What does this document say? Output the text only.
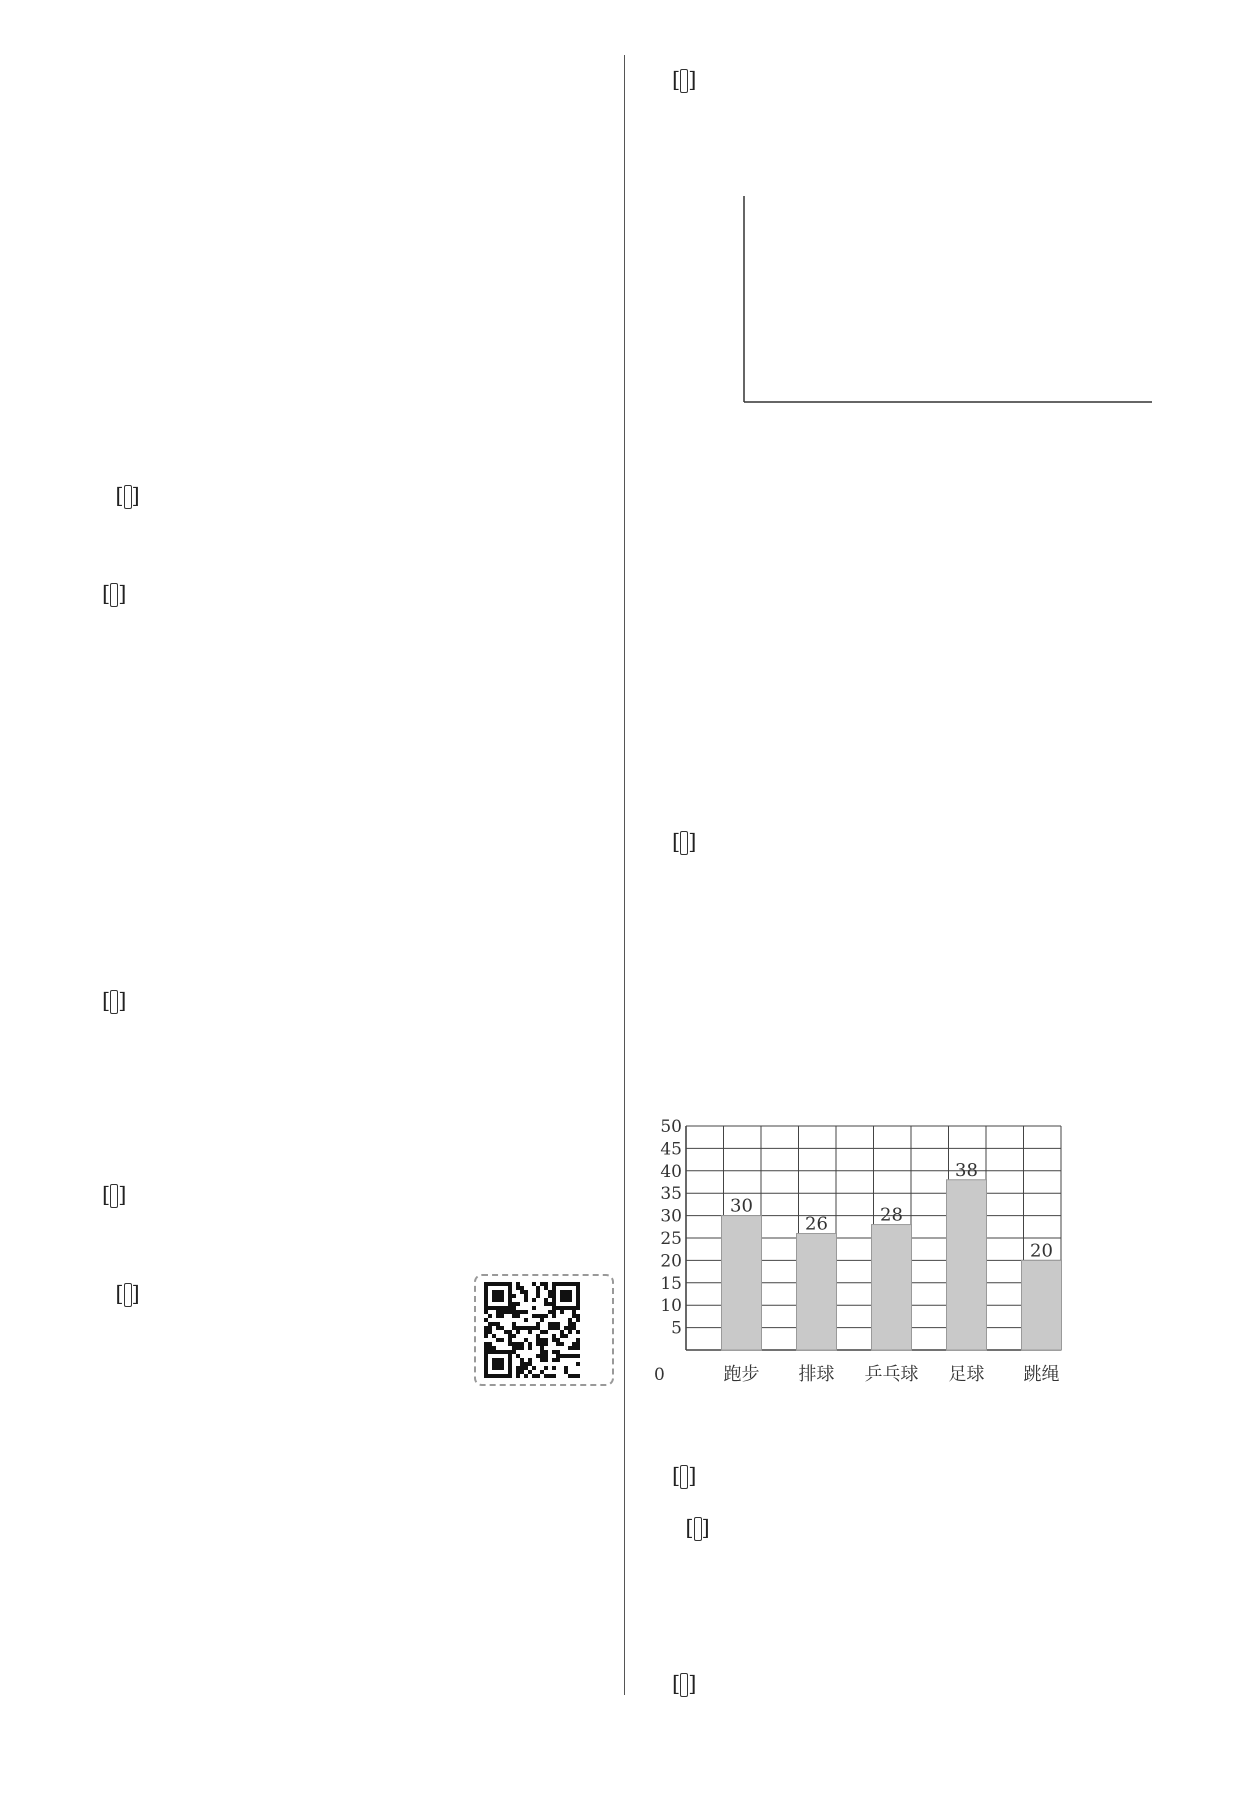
[ ]
[ ]
[ ]
[ ]
[ ]
[ ]
[ ]
0
5
10
15
20
25
30
35
40
45
50
30
26	28
38
20
跑步 排球 乒乓球 足球 跳绳
[ ]
[ ]
[ ]
